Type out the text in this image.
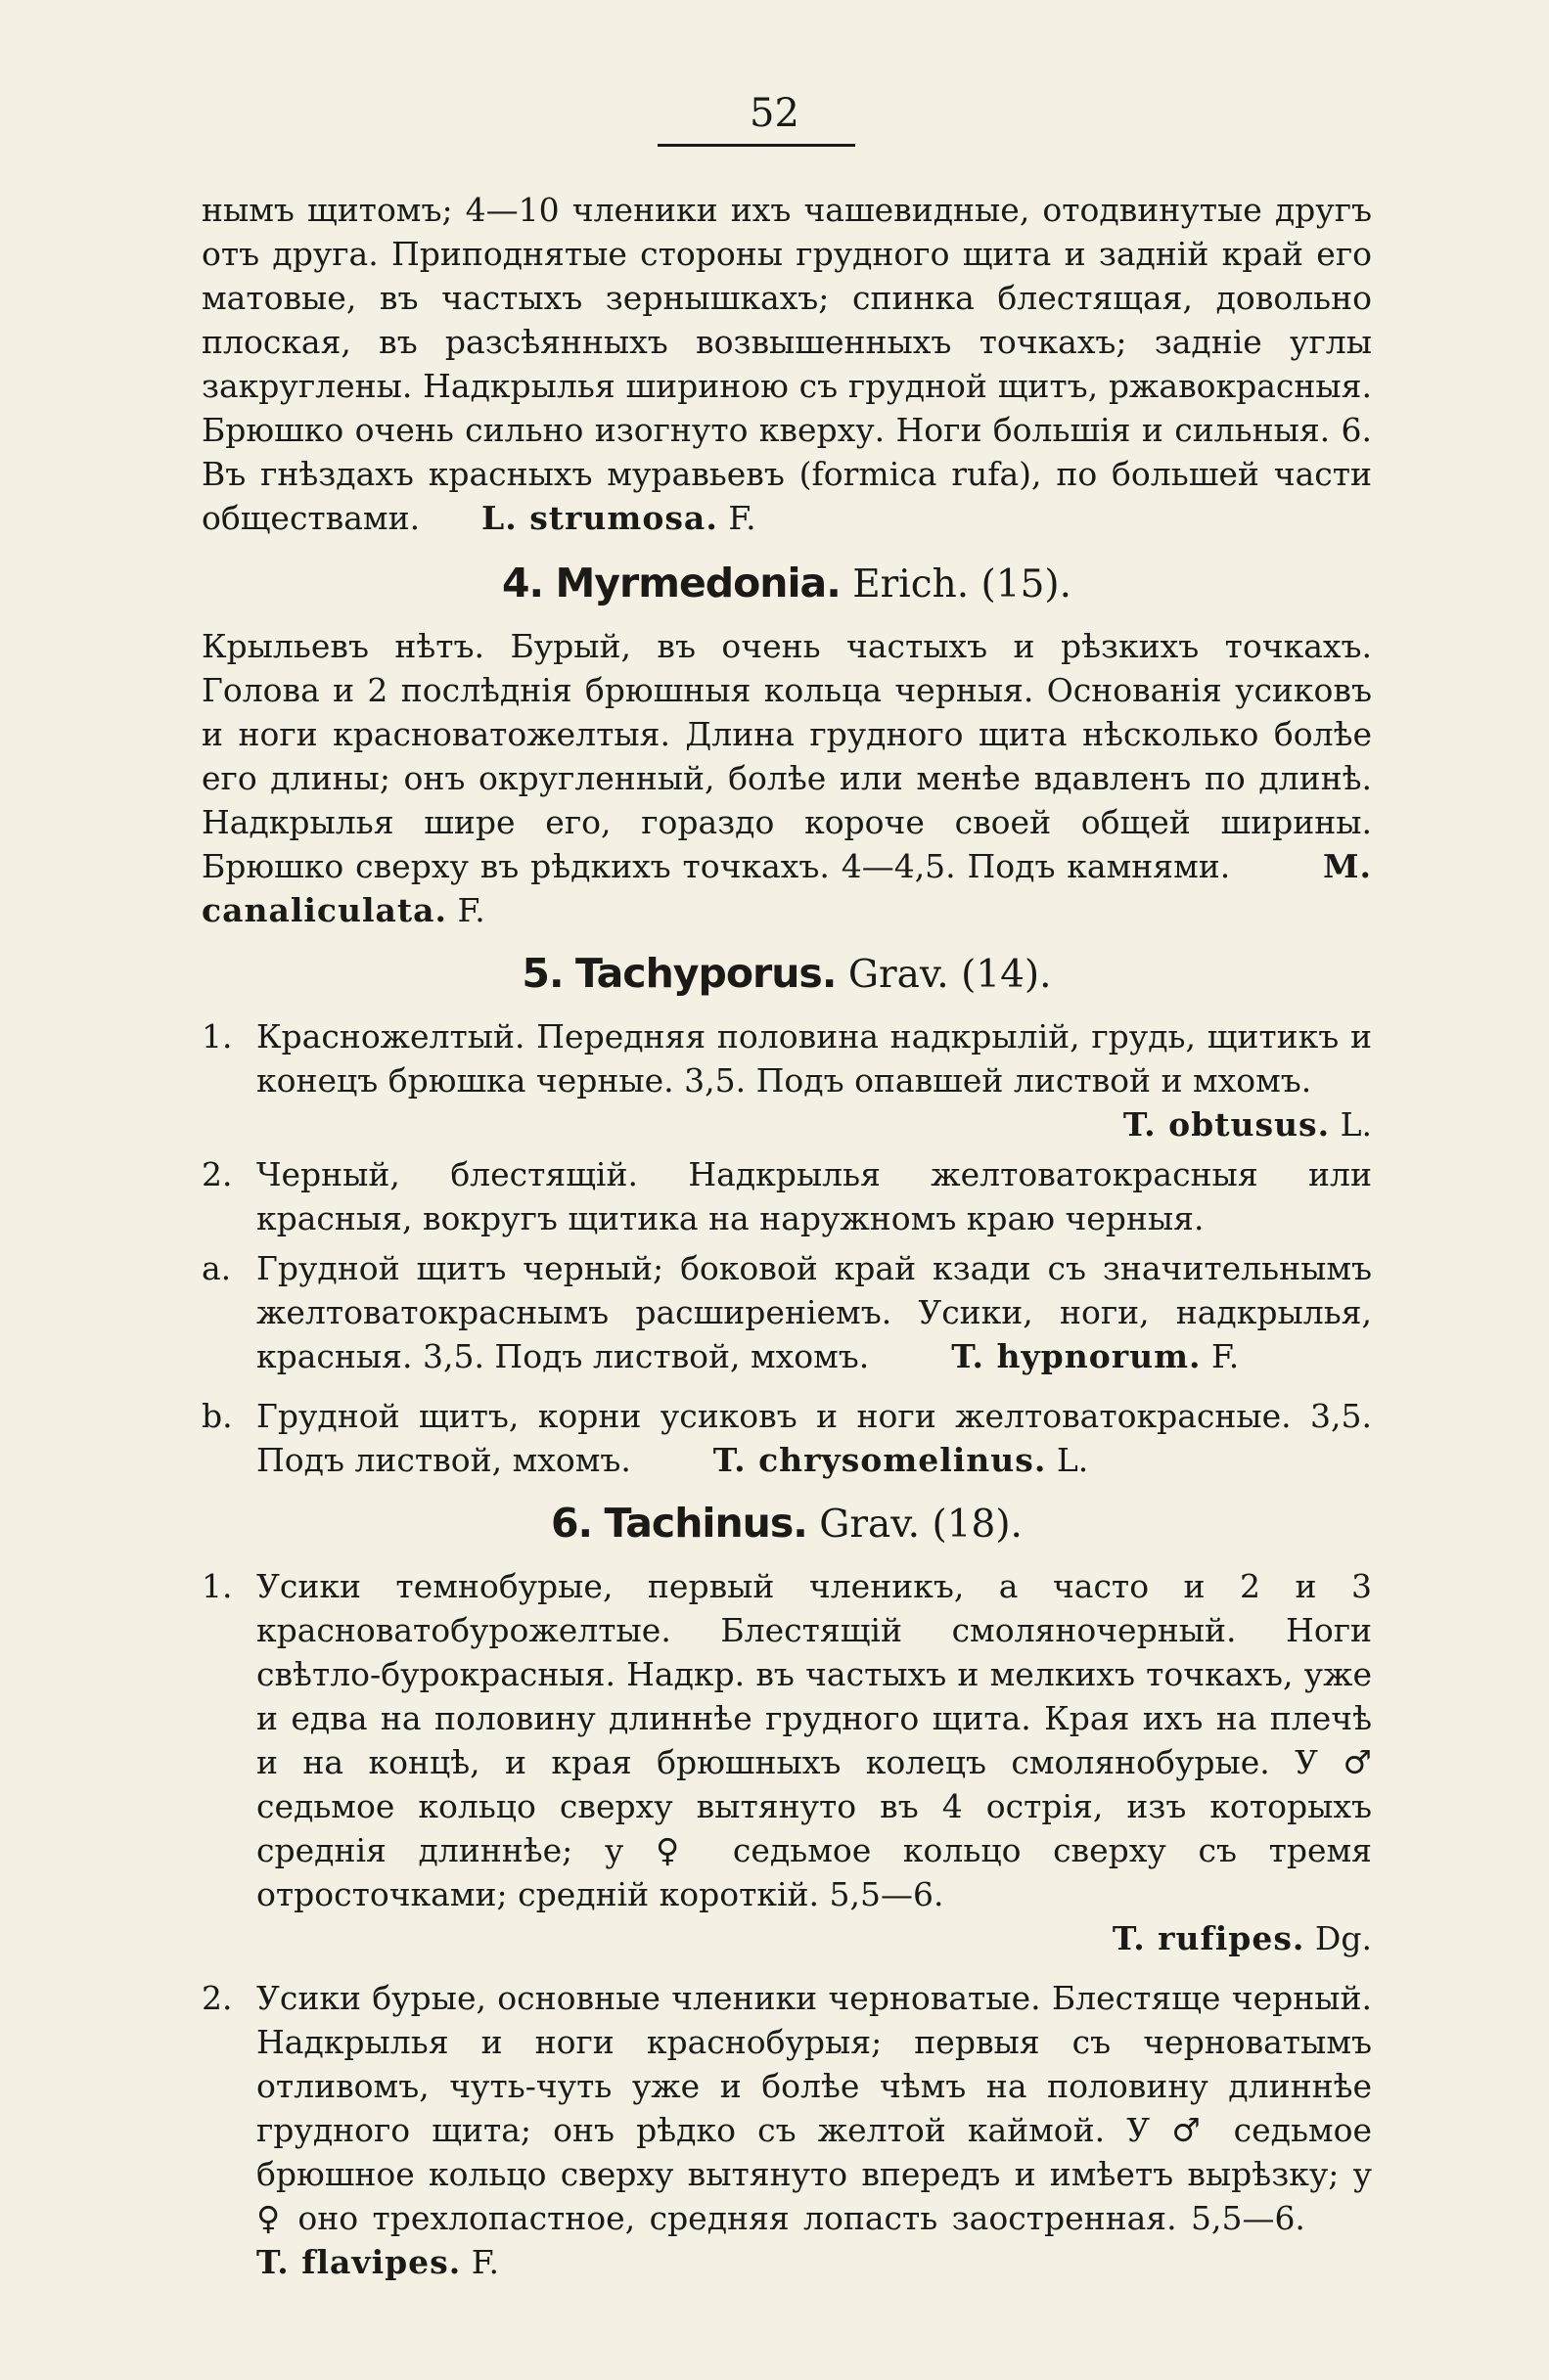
52

нымъ щитомъ; 4—10 членики ихъ чашевидные, отодвинутые другъ отъ друга. Приподнятые стороны грудного щита и задній край его матовые, въ частыхъ зернышкахъ; спинка блестящая, довольно плоская, въ разсѣянныхъ возвышенныхъ точкахъ; задніе углы закруглены. Надкрылья шириною съ грудной щитъ, ржавокрасныя. Брюшко очень сильно изогнуто кверху. Ноги большія и сильныя. 6. Въ гнѣздахъ красныхъ муравьевъ (formica rufa), по большей части обществами. L. strumosa. F.

4. Myrmedonia. Erich. (15).

Крыльевъ нѣтъ. Бурый, въ очень частыхъ и рѣзкихъ точкахъ. Голова и 2 послѣднія брюшныя кольца черныя. Основанія усиковъ и ноги красноватожелтыя. Длина грудного щита нѣсколько болѣе его длины; онъ округленный, болѣе или менѣе вдавленъ по длинѣ. Надкрылья шире его, гораздо короче своей общей ширины. Брюшко сверху въ рѣдкихъ точкахъ. 4—4,5. Подъ камнями.	M. canaliculata. F.

5. Tachyporus. Grav. (14).
1. Красножелтый. Передняя половина надкрылій, грудь, щитикъ и конецъ брюшка черные. 3,5. Подъ опавшей листвой и мхомъ.

T. obtusus. L.

2. Черный, блестящій. Надкрылья желтоватокрасныя или красныя, вокругъ щитика на наружномъ краю черныя.

a. Грудной щитъ черный; боковой край кзади съ значительнымъ желтоватокраснымъ расширеніемъ. Усики, ноги, надкрылья, красныя. 3,5. Подъ листвой, мхомъ.	T. hypnorum. F.

b. Грудной щитъ, корни усиковъ и ноги желтоватокрасные. 3,5. Подъ листвой, мхомъ.	T. chrysomelinus. L.

6. Tachinus. Grav. (18).
1. Усики темнобурые, первый членикъ, а часто и 2 и 3 красноватобурожелтые. Блестящій смоляночерный. Ноги свѣтло-бурокрасныя. Надкр. въ частыхъ и мелкихъ точкахъ, уже и едва на половину длиннѣе грудного щита. Края ихъ на плечѣ и на концѣ, и края брюшныхъ колецъ смолянобурые. У ♂ седьмое кольцо сверху вытянуто въ 4 острія, изъ которыхъ среднія длиннѣе; у ♀ седьмое кольцо сверху съ тремя отросточками; средній короткій. 5,5—6.

T. rufipes. Dg.

2. Усики бурые, основные членики черноватые. Блестяще черный. Надкрылья и ноги краснобурыя; первыя съ черноватымъ отливомъ, чуть-чуть уже и болѣе чѣмъ на половину длиннѣе грудного щита; онъ рѣдко съ желтой каймой. У ♂ седьмое брюшное кольцо сверху вытянуто впередъ и имѣетъ вырѣзку; у ♀ оно трехлопастное, средняя лопасть заостренная. 5,5—6.      T. flavipes. F.
